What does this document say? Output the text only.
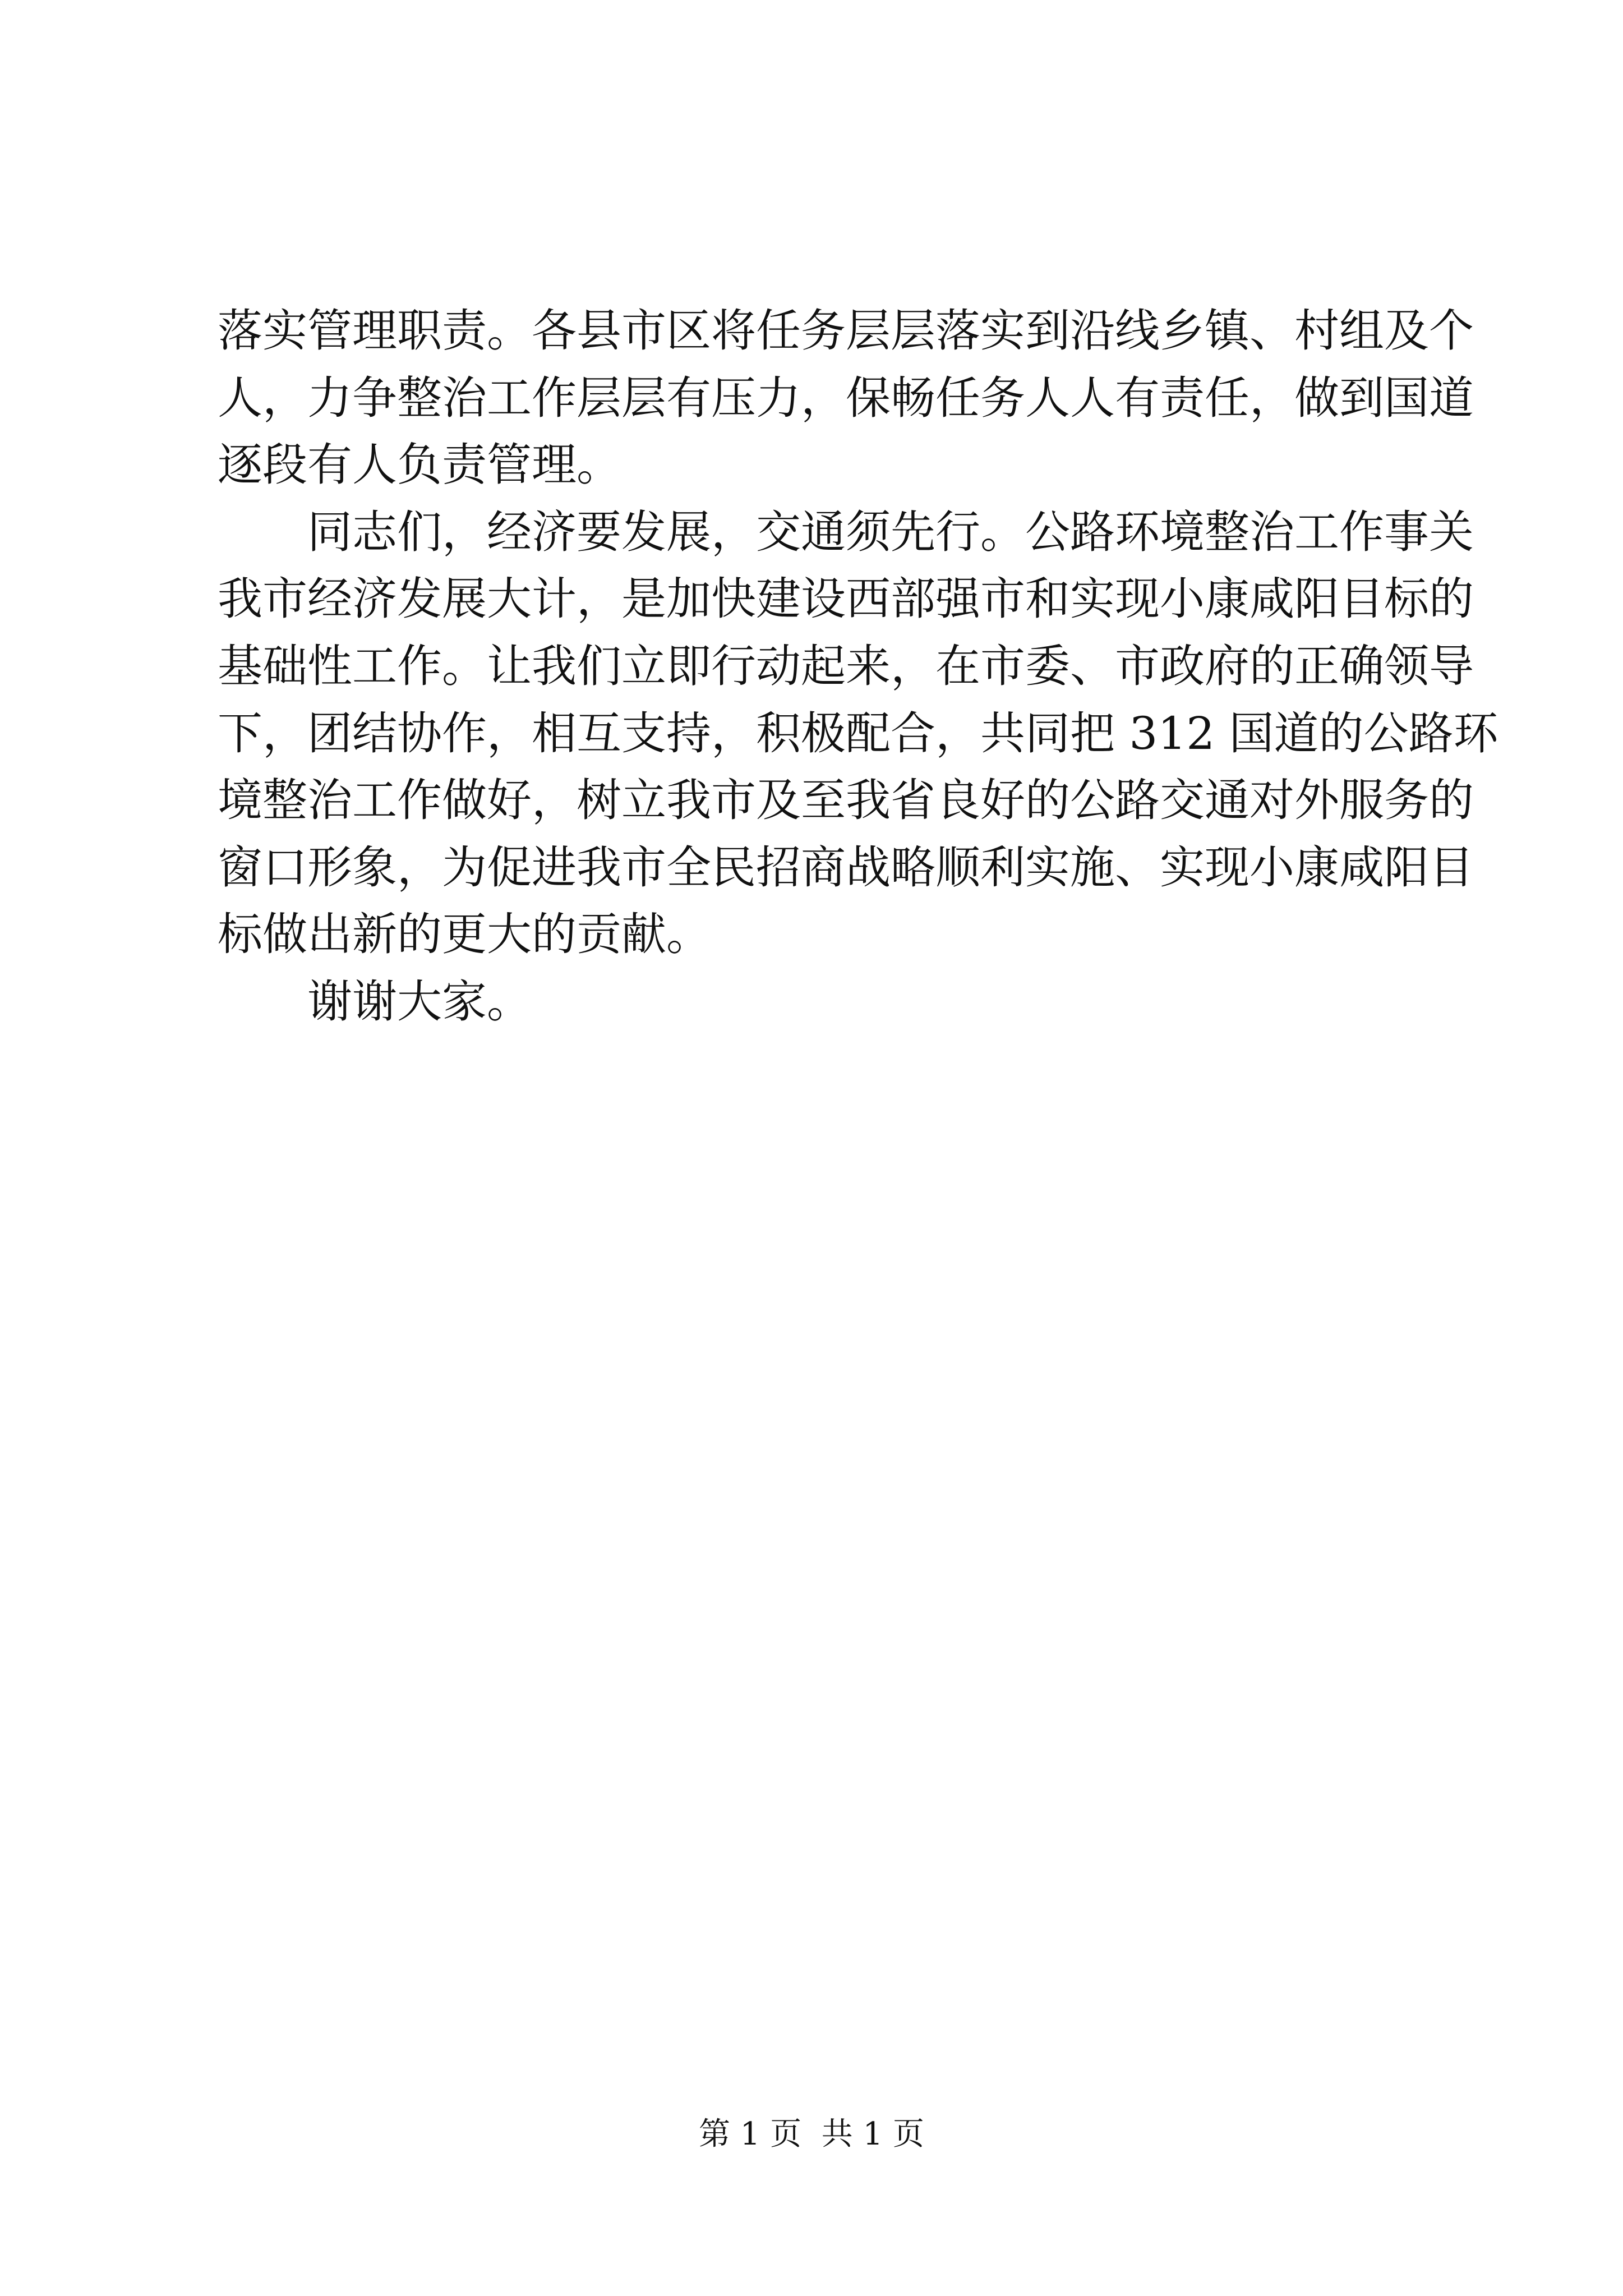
落实管理职责。各县市区将任务层层落实到沿线乡镇、村组及个
人，力争整治工作层层有压力，保畅任务人人有责任，做到国道
逐段有人负责管理。
同志们，经济要发展，交通须先行。公路环境整治工作事关
我市经济发展大计，是加快建设西部强市和实现小康咸阳目标的
基础性工作。让我们立即行动起来，在市委、市政府的正确领导
下，团结协作，相互支持，积极配合，共同把 312 国道的公路环
境整治工作做好，树立我市及至我省良好的公路交通对外服务的
窗口形象，为促进我市全民招商战略顺利实施、实现小康咸阳目
标做出新的更大的贡献。
谢谢大家。
第 1 页  共 1 页
